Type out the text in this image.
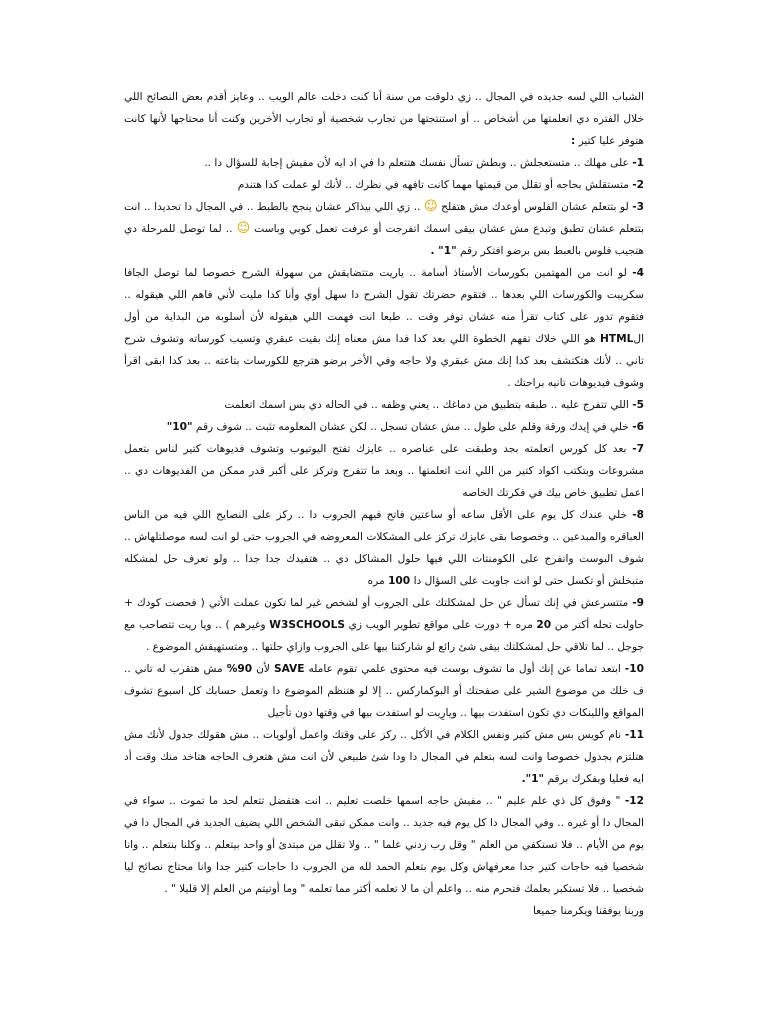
الشباب اللي لسه جديده في المجال .. زي دلوقت من سنة أنا كنت دخلت عالم الويب .. وعايز أقدم بعض النصائح اللي خلال الفتره دي اتعلمتها من أشخاص .. أو استنتجتها من تجارب شخصية أو تجارب الأخرين وكنت أنا محتاجها لأنها كانت هتوفر عليا كتير :

1- على مهلك .. متستعجلش .. وبطش تسأل نفسك هتتعلم دا في اد ايه لأن مفيش إجابة للسؤال دا ..

2- متستقلش بحاجه أو تقلل من قيمتها مهما كانت تافهه في نظرك .. لأنك لو عملت كدا هتندم

3- لو بتتعلم عشان الفلوس أوعدك مش هتفلح ☺ .. زي اللي بيذاكر عشان ينجح بالطبط .. في المجال دا تحديدا .. انت بتتعلم عشان تطبق وتبدع مش عشان بيقى اسمك اتفرجت أو عرفت تعمل كوبي وباست ☺ .. لما توصل للمرحلة دي هتجيب فلوس بالعبط بس برضو افتكر رقم "1" .

4- لو انت من المهتمين بكورسات الأستاذ أسامة .. ياريت متتضايقش من سهولة الشرح خصوصا لما توصل الجافا سكريبت والكورسات اللي بعدها .. فتقوم حضرتك تقول الشرح دا سهل أوي وأنا كدا مليت لأني فاهم اللي هيقوله .. فتقوم تدور على كتاب تقرأ منه عشان توفر وقت .. طبعا انت فهمت اللي هيقوله لأن أسلوبه من البداية من أول الHTML هو اللي خلاك تفهم الخطوة اللي بعد كدا فدا مش معناه إنك بقيت عبقري وتسيب كورساته وتشوف شرح تاني .. لأنك هتكتشف بعد كدا إنك مش عبقري ولا حاجه وفي الأخر برضو هترجع للكورسات بتاعته .. بعد كدا ابقى اقرأ وشوف فيديوهات تانيه براحتك .

5- اللي تتفرج عليه .. طبقه بتطبيق من دماغك .. يعني وظفه .. في الحاله دي بس اسمك اتعلمت

6- خلي في إيدك ورقة وقلم على طول .. مش عشان تسجل .. لكن عشان المعلومه تثبت .. شوف رقم "10"

7- بعد كل كورس اتعلمته بجد وطبقت على عناصره .. عايزك تفتح اليوتيوب وتشوف فديوهات كتير لناس بتعمل مشروعات وبتكتب اكواد كتير من اللي انت اتعلمتها .. وبعد ما تتفرج وتركز على أكبر قدر ممكن من الفديوهات دي .. اعمل تطبيق خاص بيك في فكرتك الخاصه

8- خلي عندك كل يوم على الأقل ساعه أو ساعتين فاتح فيهم الجروب دا .. ركز على النصايح اللي فيه من الناس العباقره والمبدعين .. وخصوصا بقى عايزك تركز على المشكلات المعروضه في الجروب حتى لو انت لسه موصلتلهاش .. شوف البوست واتفرج على الكومنتات اللي فيها حلول المشاكل دي .. هتفيدك جدا جدا .. ولو تعرف حل لمشكله متبخلش أو تكسل حتى لو انت جاوبت على السؤال دا 100 مره

9- متتسرعش في إنك تسأل عن حل لمشكلتك على الجروب أو لشخص غير لما تكون عملت الأتي ( فحصت كودك + حاولت تحله أكتر من 20 مره + دورت على مواقع تطوير الويب زي W3SCHOOLS وغيرهم ) .. ويا ريت تتصاحب مع جوجل .. لما تلاقي حل لمشكلتك بيقى شئ رائع لو شاركتنا بيها على الجروب وازاي حلتها .. ومتستهيفش الموضوع .

10- ابتعد تماما عن إنك أول ما تشوف بوست فيه محتوى علمي تقوم عامله SAVE لأن 90% مش هتقرب له تاني .. ف خلك من موضوع الشير على صفحتك أو البوكماركس .. إلا لو هتنظم الموضوع دا وتعمل حسابك كل اسبوع تشوف المواقع واللينكات دي تكون استفدت بيها .. ويارِيت لو استفدت بيها في وقتها دون تأجيل

11- نام كويس بس مش كتير ونفس الكلام في الأكل .. ركز على وقتك واعمل أولويات .. مش هقولك جدول لأنك مش هتلتزم بجدول خصوصا وانت لسه بتعلم في المجال دا ودا شئ طبيعي لأن انت مش هتعرف الحاجه هتاخد منك وقت أد ايه فعليا وبفكرك برقم "1".

12- " وفوق كل ذي علم عليم " .. مفيش حاجه اسمها خلصت تعليم .. انت هتفضل تتعلم لحد ما تموت .. سواء في المجال دا أو غيره .. وفي المجال دا كل يوم فيه جديد .. وانت ممكن تبقى الشخص اللي يضيف الجديد في المجال دا في يوم من الأيام .. فلا تستكفي من العلم " وقل رب زدني علما " .. ولا تقلل من مبتدئ أو واحد بيتعلم .. وكلنا بنتعلم .. وانا شخصيا فيه حاجات كتير جدا معرفهاش وكل يوم بتعلم الحمد لله من الجروب دا حاجات كتير جدا وانا محتاج نصائح ليا شخصيا .. فلا تستكبر بعلمك فتحرم منه .. واعلم أن ما لا تعلمه أكتر مما تعلمه " وما أوتيتم من العلم إلا قليلا " .

وربنا يوفقنا ويكرمنا جميعا
